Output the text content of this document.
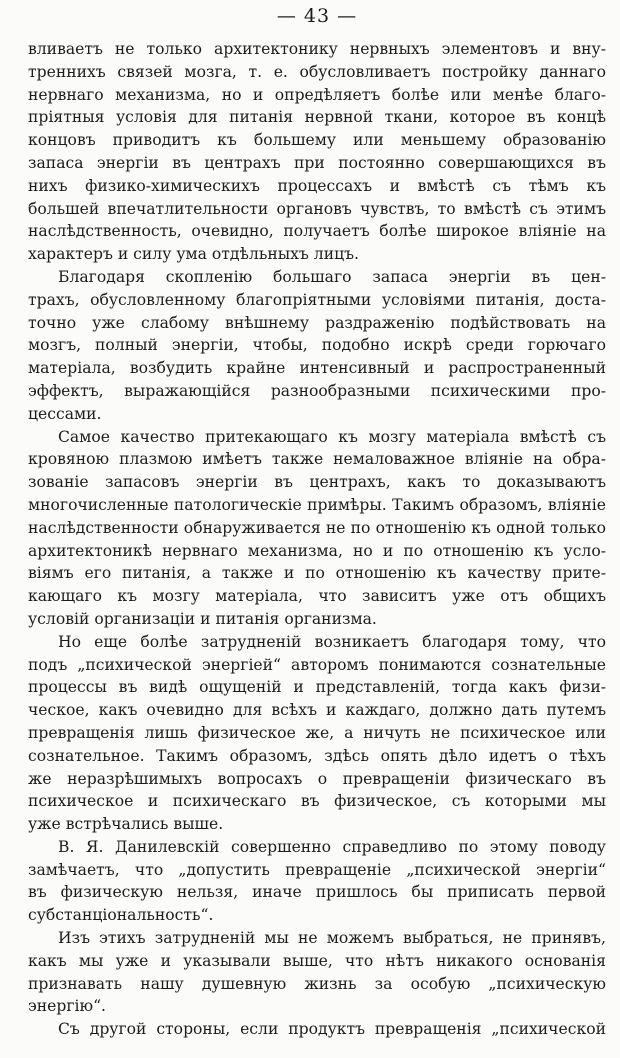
— 43 —
вливаетъ не только архитектонику нервныхъ элементовъ и вну-
треннихъ связей мозга, т. е. обусловливаетъ постройку даннаго
нервнаго механизма, но и опредѣляетъ болѣе или менѣе благо-
пріятныя условія для питанія нервной ткани, которое въ концѣ
концовъ приводитъ къ большему или меньшему образованію
запаса энергіи въ центрахъ при постоянно совершающихся въ
нихъ физико-химическихъ процессахъ и вмѣстѣ съ тѣмъ къ
большей впечатлительности органовъ чувствъ, то вмѣстѣ съ этимъ
наслѣдственность, очевидно, получаетъ болѣе широкое вліяніе на
характеръ и силу ума отдѣльныхъ лицъ.
Благодаря скопленію большаго запаса энергіи въ цен-
трахъ, обусловленному благопріятными условіями питанія, доста-
точно уже слабому внѣшнему раздраженію подѣйствовать на
мозгъ, полный энергіи, чтобы, подобно искрѣ среди горючаго
матеріала, возбудить крайне интенсивный и распространенный
эффектъ, выражающійся разнообразными психическими про-
цессами.
Самое качество притекающаго къ мозгу матеріала вмѣстѣ съ
кровяною плазмою имѣетъ также немаловажное вліяніе на обра-
зованіе запасовъ энергіи въ центрахъ, какъ то доказываютъ
многочисленные патологическіе примѣры. Такимъ образомъ, вліяніе
наслѣдственности обнаруживается не по отношенію къ одной только
архитектоникѣ нервнаго механизма, но и по отношенію къ усло-
віямъ его питанія, а также и по отношенію къ качеству прите-
кающаго къ мозгу матеріала, что зависитъ уже отъ общихъ
условій организаціи и питанія организма.
Но еще болѣе затрудненій возникаетъ благодаря тому, что
подъ „психической энергіей“ авторомъ понимаются сознательные
процессы въ видѣ ощущеній и представленій, тогда какъ физи-
ческое, какъ очевидно для всѣхъ и каждаго, должно дать путемъ
превращенія лишь физическое же, а ничуть не психическое или
сознательное. Такимъ образомъ, здѣсь опять дѣло идетъ о тѣхъ
же неразрѣшимыхъ вопросахъ о превращеніи физическаго въ
психическое и психическаго въ физическое, съ которыми мы
уже встрѣчались выше.
В. Я. Данилевскій совершенно справедливо по этому поводу
замѣчаетъ, что „допустить превращеніе „психической энергіи“
въ физическую нельзя, иначе пришлось бы приписать первой
субстанціональность“.
Изъ этихъ затрудненій мы не можемъ выбраться, не принявъ,
какъ мы уже и указывали выше, что нѣтъ никакого основанія
признавать нашу душевную жизнь за особую „психическую
энергію“.
Съ другой стороны, если продуктъ превращенія „психической
